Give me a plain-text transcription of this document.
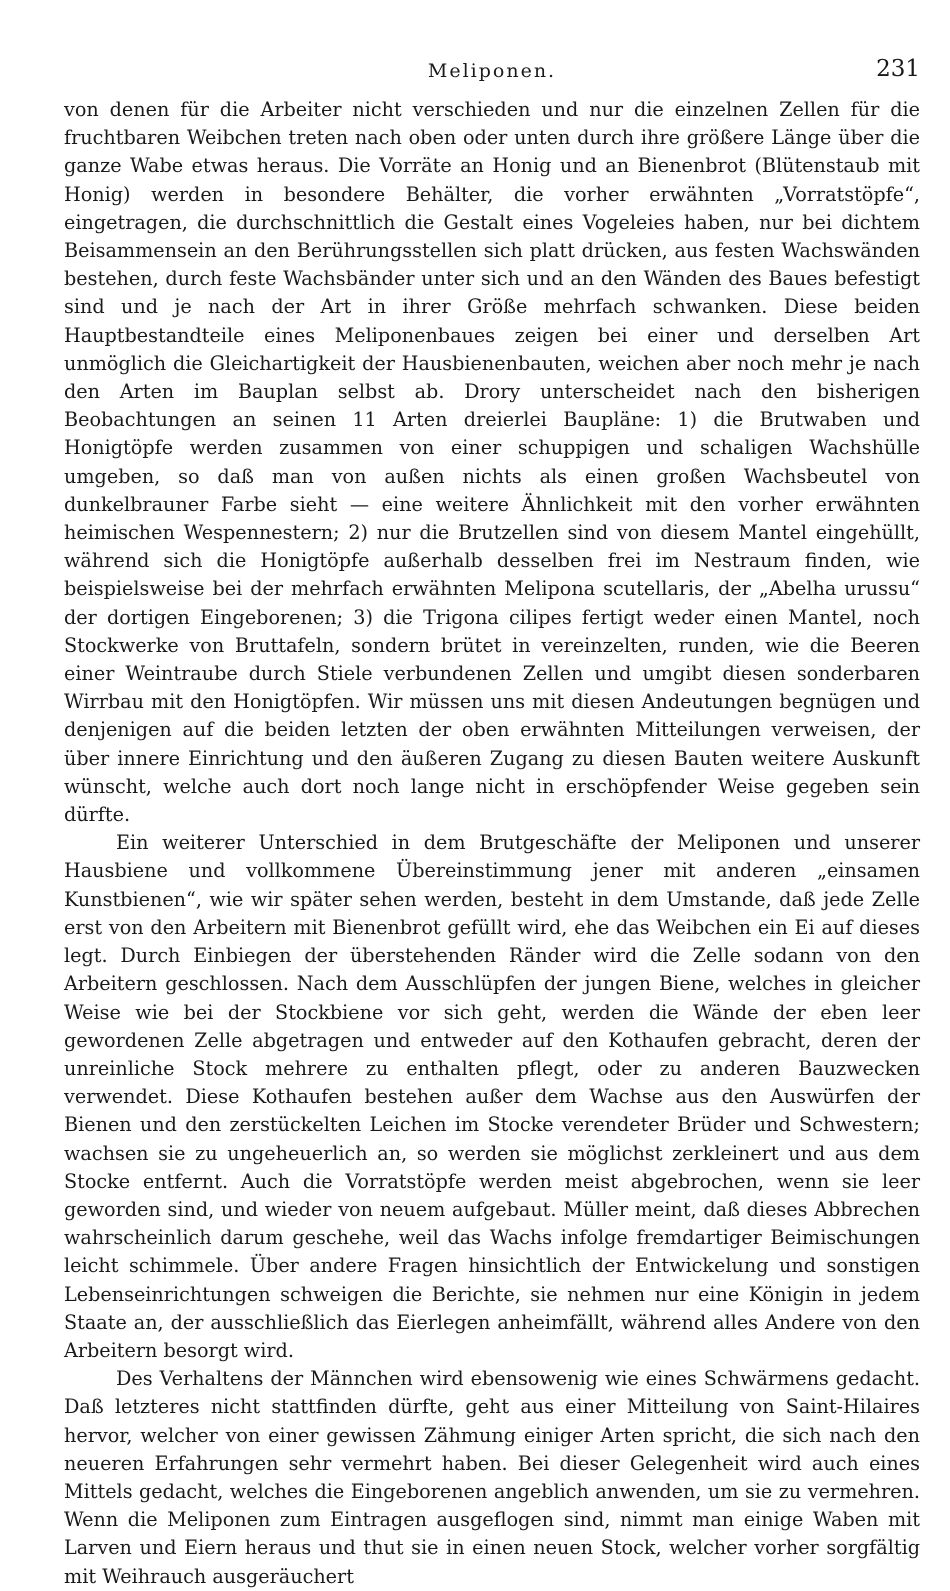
Meliponen.	231

von denen für die Arbeiter nicht verschieden und nur die einzelnen Zellen für die fruchtbaren Weibchen treten nach oben oder unten durch ihre größere Länge über die ganze Wabe etwas heraus. Die Vorräte an Honig und an Bienenbrot (Blütenstaub mit Honig) werden in besondere Behälter, die vorher erwähnten „Vorratstöpfe“, eingetragen, die durchschnittlich die Gestalt eines Vogeleies haben, nur bei dichtem Beisammensein an den Berührungsstellen sich platt drücken, aus festen Wachswänden bestehen, durch feste Wachsbänder unter sich und an den Wänden des Baues befestigt sind und je nach der Art in ihrer Größe mehrfach schwanken. Diese beiden Hauptbestandteile eines Meliponenbaues zeigen bei einer und derselben Art unmöglich die Gleichartigkeit der Hausbienenbauten, weichen aber noch mehr je nach den Arten im Bauplan selbst ab. Drory unterscheidet nach den bisherigen Beobachtungen an seinen 11 Arten dreierlei Baupläne: 1) die Brutwaben und Honigtöpfe werden zusammen von einer schuppigen und schaligen Wachshülle umgeben, so daß man von außen nichts als einen großen Wachsbeutel von dunkelbrauner Farbe sieht — eine weitere Ähnlichkeit mit den vorher erwähnten heimischen Wespennestern; 2) nur die Brutzellen sind von diesem Mantel eingehüllt, während sich die Honigtöpfe außerhalb desselben frei im Nestraum finden, wie beispielsweise bei der mehrfach erwähnten Melipona scutellaris, der „Abelha urussu“ der dortigen Eingeborenen; 3) die Trigona cilipes fertigt weder einen Mantel, noch Stockwerke von Bruttafeln, sondern brütet in vereinzelten, runden, wie die Beeren einer Weintraube durch Stiele verbundenen Zellen und umgibt diesen sonderbaren Wirrbau mit den Honigtöpfen. Wir müssen uns mit diesen Andeutungen begnügen und denjenigen auf die beiden letzten der oben erwähnten Mitteilungen verweisen, der über innere Einrichtung und den äußeren Zugang zu diesen Bauten weitere Auskunft wünscht, welche auch dort noch lange nicht in erschöpfender Weise gegeben sein dürfte.

Ein weiterer Unterschied in dem Brutgeschäfte der Meliponen und unserer Hausbiene und vollkommene Übereinstimmung jener mit anderen „einsamen Kunstbienen“, wie wir später sehen werden, besteht in dem Umstande, daß jede Zelle erst von den Arbeitern mit Bienenbrot gefüllt wird, ehe das Weibchen ein Ei auf dieses legt. Durch Einbiegen der überstehenden Ränder wird die Zelle sodann von den Arbeitern geschlossen. Nach dem Ausschlüpfen der jungen Biene, welches in gleicher Weise wie bei der Stockbiene vor sich geht, werden die Wände der eben leer gewordenen Zelle abgetragen und entweder auf den Kothaufen gebracht, deren der unreinliche Stock mehrere zu enthalten pflegt, oder zu anderen Bauzwecken verwendet. Diese Kothaufen bestehen außer dem Wachse aus den Auswürfen der Bienen und den zerstückelten Leichen im Stocke verendeter Brüder und Schwestern; wachsen sie zu ungeheuerlich an, so werden sie möglichst zerkleinert und aus dem Stocke entfernt. Auch die Vorratstöpfe werden meist abgebrochen, wenn sie leer geworden sind, und wieder von neuem aufgebaut. Müller meint, daß dieses Abbrechen wahrscheinlich darum geschehe, weil das Wachs infolge fremdartiger Beimischungen leicht schimmele. Über andere Fragen hinsichtlich der Entwickelung und sonstigen Lebenseinrichtungen schweigen die Berichte, sie nehmen nur eine Königin in jedem Staate an, der ausschließlich das Eierlegen anheimfällt, während alles Andere von den Arbeitern besorgt wird.

Des Verhaltens der Männchen wird ebensowenig wie eines Schwärmens gedacht. Daß letzteres nicht stattfinden dürfte, geht aus einer Mitteilung von Saint-Hilaires hervor, welcher von einer gewissen Zähmung einiger Arten spricht, die sich nach den neueren Erfahrungen sehr vermehrt haben. Bei dieser Gelegenheit wird auch eines Mittels gedacht, welches die Eingeborenen angeblich anwenden, um sie zu vermehren. Wenn die Meliponen zum Eintragen ausgeflogen sind, nimmt man einige Waben mit Larven und Eiern heraus und thut sie in einen neuen Stock, welcher vorher sorgfältig mit Weihrauch ausgeräuchert
